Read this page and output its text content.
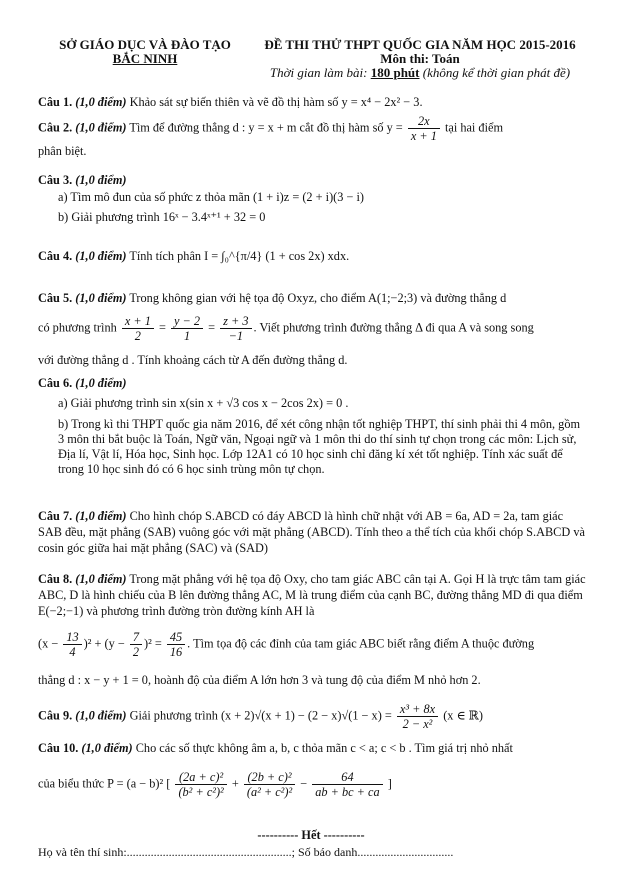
SỞ GIÁO DỤC VÀ ĐÀO TẠO
BẮC NINH
ĐỀ THI THỬ THPT QUỐC GIA NĂM HỌC 2015-2016
Môn thi: Toán
Thời gian làm bài: 180 phút (không kể thời gian phát đề)
Câu 1. (1,0 điểm) Khảo sát sự biến thiên và vẽ đồ thị hàm số y = x⁴ − 2x² − 3.
Câu 2. (1,0 điểm) Tìm để đường thẳng d : y = x + m cắt đồ thị hàm số $y = \frac{2x}{x + 1}$ tại hai điểm
phân biệt.
Câu 3. (1,0 điểm)
a) Tìm mô đun của số phức z thỏa mãn (1 + i)z = (2 + i)(3 − i)
b) Giải phương trình 16ˣ − 3.4ˣ⁺¹ + 32 = 0
Câu 4. (1,0 điểm) Tính tích phân I = ∫₀^{π/4} (1 + cos 2x) xdx.
Câu 5. (1,0 điểm) Trong không gian với hệ tọa độ Oxyz, cho điểm A(1;−2;3) và đường thẳng d
có phương trình $\frac{x + 1}{2} = \frac{y - 2}{1} = \frac{z + 3}{-1}$ . Viết phương trình đường thẳng Δ đi qua A và song song
với đường thẳng d . Tính khoảng cách từ A đến đường thẳng d.
Câu 6. (1,0 điểm)
a) Giải phương trình sin x(sin x + √3 cos x − 2cos 2x) = 0 .
b) Trong kì thi THPT quốc gia năm 2016, để xét công nhận tốt nghiệp THPT, thí sinh phải thi 4 môn, gồm 3 môn thi bắt buộc là Toán, Ngữ văn, Ngoại ngữ và 1 môn thi do thí sinh tự chọn trong các môn: Lịch sử, Địa lí, Vật lí, Hóa học, Sinh học. Lớp 12A1 có 10 học sinh chỉ đăng kí xét tốt nghiệp. Tính xác suất để trong 10 học sinh đó có 6 học sinh trùng môn tự chọn.
Câu 7. (1,0 điểm) Cho hình chóp S.ABCD có đáy ABCD là hình chữ nhật với AB = 6a, AD = 2a, tam giác SAB đều, mặt phẳng (SAB) vuông góc với mặt phẳng (ABCD). Tính theo a thể tích của khối chóp S.ABCD và cosin góc giữa hai mặt phẳng (SAC) và (SAD)
Câu 8. (1,0 điểm) Trong mặt phẳng với hệ tọa độ Oxy, cho tam giác ABC cân tại A. Gọi H là trực tâm tam giác ABC, D là hình chiếu của B lên đường thẳng AC, M là trung điểm của cạnh BC, đường thẳng MD đi qua điểm E(−2;−1) và phương trình đường tròn đường kính AH là
$(x - \frac{13}{4} )^2 + (y - \frac{7}{2} )^2 = \frac{45}{16}$ . Tìm tọa độ các đỉnh của tam giác ABC biết rằng điểm A thuộc đường
thẳng d : x − y + 1 = 0, hoành độ của điểm A lớn hơn 3 và tung độ của điểm M nhỏ hơn 2.
Câu 9. (1,0 điểm) Giải phương trình $(x + 2)√(x + 1) - (2 - x)√(1 - x) = \frac{\text{x³ + 8x}}{\text{2 − x²}} (x$ ∈ ℝ)
Câu 10. (1,0 điểm) Cho các số thực không âm a, b, c thỏa mãn c < a; c < b . Tìm giá trị nhỏ nhất
của biểu thức P = (a − b)² [ $\frac{\text{(2a + c)²}}{\text{(b² + c²)²}} + \frac{\text{(2b + c)²}}{\text{(a² + c²)²}} - \frac{64}{ab + bc + ca}$ ]
---------- Hết ----------
Họ và tên thí sinh:.......................................................; Số báo danh................................
